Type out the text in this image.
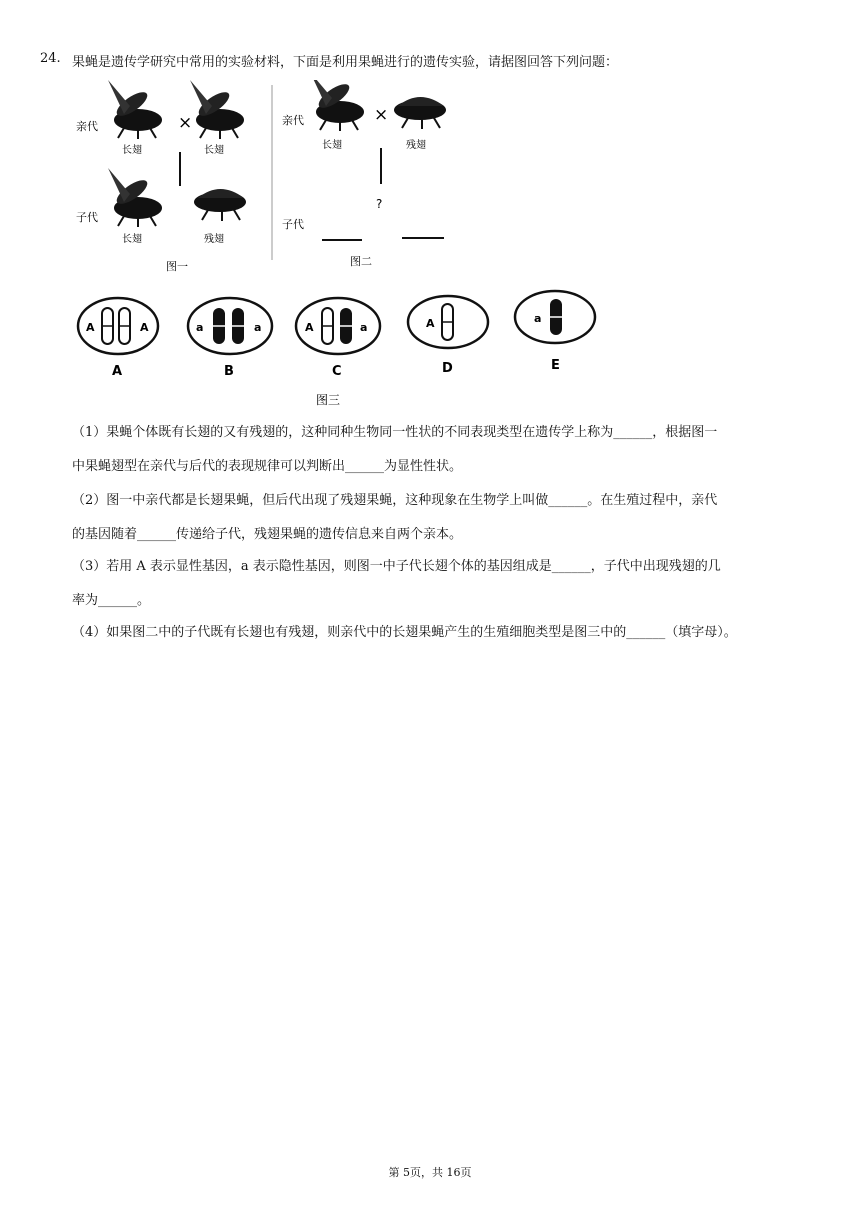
24. 果蝇是遗传学研究中常用的实验材料，下面是利用果蝇进行的遗传实验，请据图回答下列问题：
亲代	×
长翅	长翅
子代
长翅	残翅
图一
亲代	×
长翅	残翅
?
子代
图二
A	A
A
a	a
B
A	a
C
A
D
a
E
图三
（1）果蝇个体既有长翅的又有残翅的，这种同种生物同一性状的不同表现类型在遗传学上称为______，根据图一
中果蝇翅型在亲代与后代的表现规律可以判断出______为显性性状。
（2）图一中亲代都是长翅果蝇，但后代出现了残翅果蝇，这种现象在生物学上叫做______。在生殖过程中，亲代
的基因随着______传递给子代，残翅果蝇的遗传信息来自两个亲本。
（3）若用 A 表示显性基因，a 表示隐性基因，则图一中子代长翅个体的基因组成是______，子代中出现残翅的几
率为______。
（4）如果图二中的子代既有长翅也有残翅，则亲代中的长翅果蝇产生的生殖细胞类型是图三中的______（填字母）。
第 5页，共 16页
